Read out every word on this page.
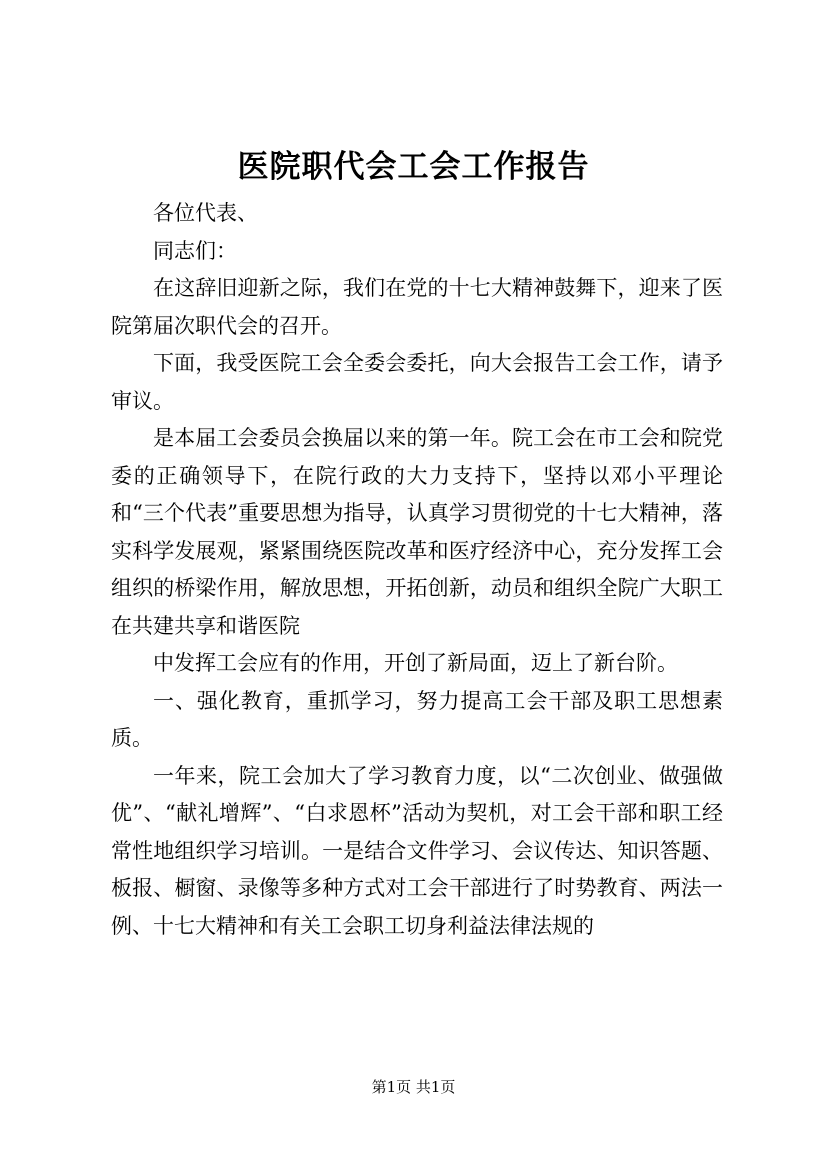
医院职代会工会工作报告

各位代表、

同志们：

在这辞旧迎新之际，我们在党的十七大精神鼓舞下，迎来了医院第届次职代会的召开。

下面，我受医院工会全委会委托，向大会报告工会工作，请予审议。

是本届工会委员会换届以来的第一年。院工会在市工会和院党委的正确领导下，在院行政的大力支持下，坚持以邓小平理论和“三个代表”重要思想为指导，认真学习贯彻党的十七大精神，落实科学发展观，紧紧围绕医院改革和医疗经济中心，充分发挥工会组织的桥梁作用，解放思想，开拓创新，动员和组织全院广大职工在共建共享和谐医院

中发挥工会应有的作用，开创了新局面，迈上了新台阶。

一、强化教育，重抓学习，努力提高工会干部及职工思想素质。

一年来，院工会加大了学习教育力度，以“二次创业、做强做优”、“献礼增辉”、“白求恩杯”活动为契机，对工会干部和职工经常性地组织学习培训。一是结合文件学习、会议传达、知识答题、板报、橱窗、录像等多种方式对工会干部进行了时势教育、两法一例、十七大精神和有关工会职工切身利益法律法规的

第1页 共1页
